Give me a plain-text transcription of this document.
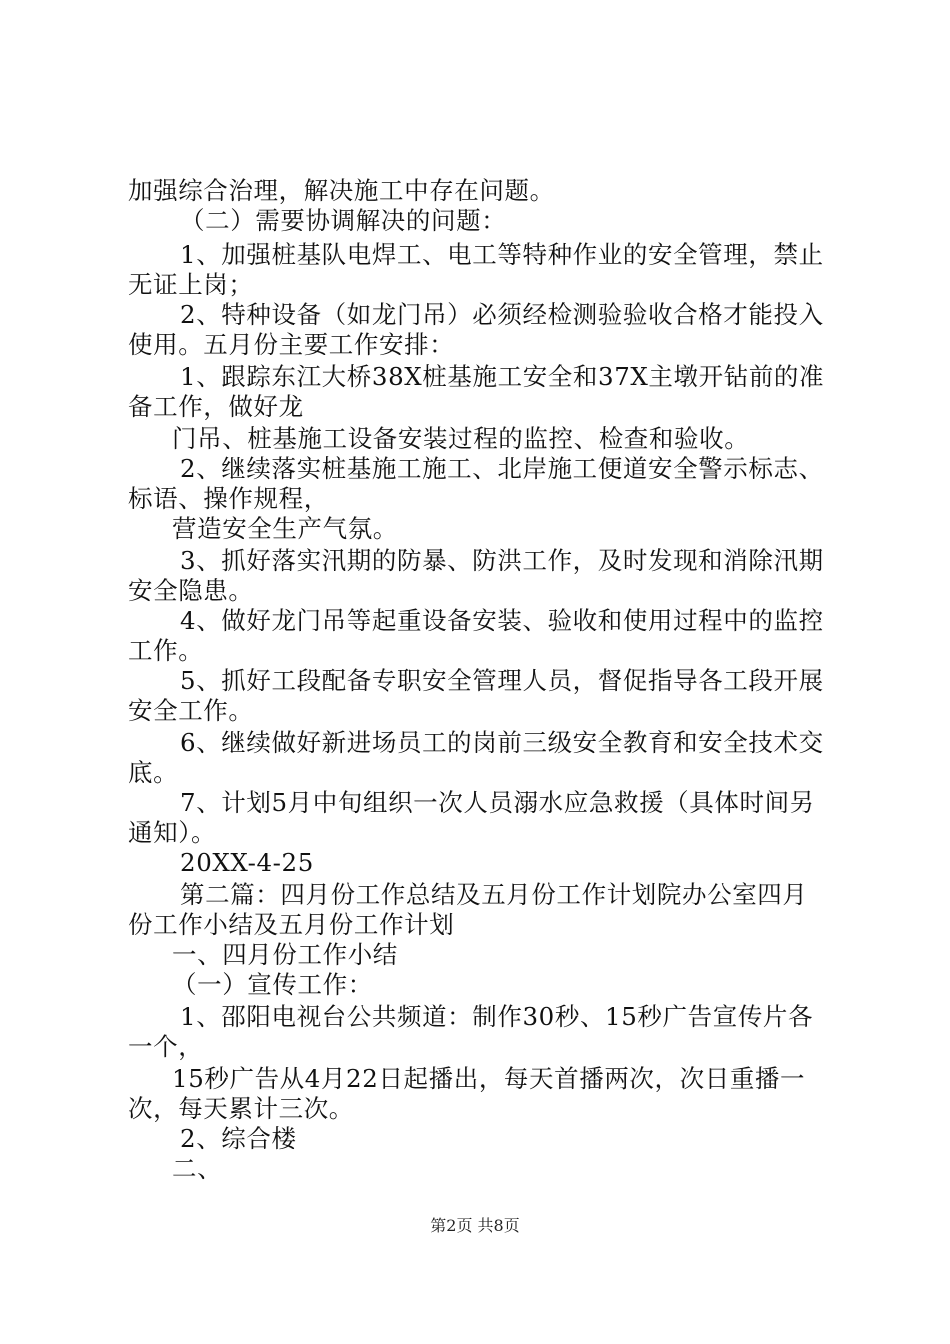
加强综合治理，解决施工中存在问题。
（二）需要协调解决的问题：
1、加强桩基队电焊工、电工等特种作业的安全管理，禁止
无证上岗；
2、特种设备（如龙门吊）必须经检测验验收合格才能投入
使用。五月份主要工作安排：
1、跟踪东江大桥38X桩基施工安全和37X主墩开钻前的准
备工作，做好龙
门吊、桩基施工设备安装过程的监控、检查和验收。
2、继续落实桩基施工施工、北岸施工便道安全警示标志、
标语、操作规程，
营造安全生产气氛。
3、抓好落实汛期的防暴、防洪工作，及时发现和消除汛期
安全隐患。
4、做好龙门吊等起重设备安装、验收和使用过程中的监控
工作。
5、抓好工段配备专职安全管理人员，督促指导各工段开展
安全工作。
6、继续做好新进场员工的岗前三级安全教育和安全技术交
底。
7、计划5月中旬组织一次人员溺水应急救援（具体时间另
通知）。
20XX-4-25
第二篇：四月份工作总结及五月份工作计划院办公室四月
份工作小结及五月份工作计划
一、四月份工作小结
（一）宣传工作：
1、邵阳电视台公共频道：制作30秒、15秒广告宣传片各
一个，
15秒广告从4月22日起播出，每天首播两次，次日重播一
次，每天累计三次。
2、综合楼
二、
第2页 共8页
